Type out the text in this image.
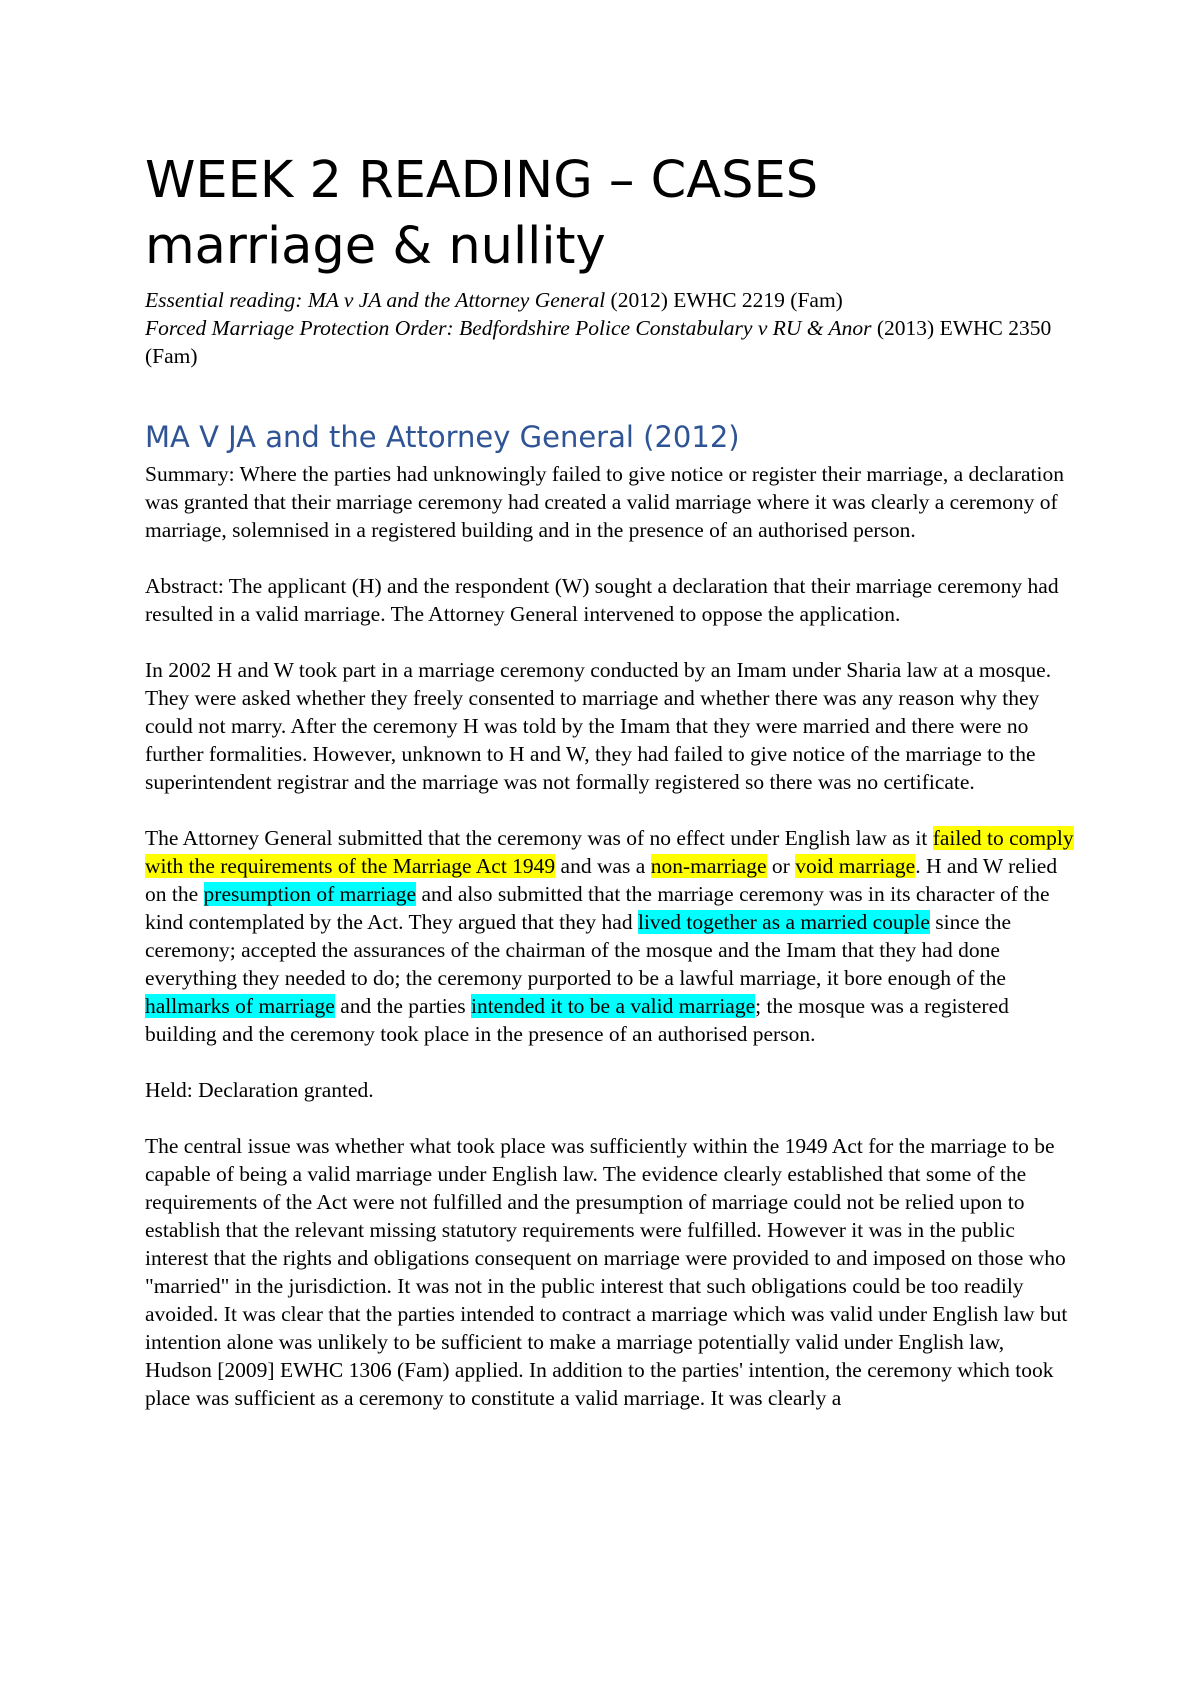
WEEK 2 READING – CASES
marriage & nullity

Essential reading: MA v JA and the Attorney General (2012) EWHC 2219 (Fam)

Forced Marriage Protection Order: Bedfordshire Police Constabulary v RU & Anor (2013) EWHC 2350 (Fam)

MA V JA and the Attorney General (2012)

Summary: Where the parties had unknowingly failed to give notice or register their marriage, a declaration was granted that their marriage ceremony had created a valid marriage where it was clearly a ceremony of marriage, solemnised in a registered building and in the presence of an authorised person.

Abstract: The applicant (H) and the respondent (W) sought a declaration that their marriage ceremony had resulted in a valid marriage. The Attorney General intervened to oppose the application.

In 2002 H and W took part in a marriage ceremony conducted by an Imam under Sharia law at a mosque. They were asked whether they freely consented to marriage and whether there was any reason why they could not marry. After the ceremony H was told by the Imam that they were married and there were no further formalities. However, unknown to H and W, they had failed to give notice of the marriage to the superintendent registrar and the marriage was not formally registered so there was no certificate.

The Attorney General submitted that the ceremony was of no effect under English law as it failed to comply with the requirements of the Marriage Act 1949 and was a non-marriage or void marriage. H and W relied on the presumption of marriage and also submitted that the marriage ceremony was in its character of the kind contemplated by the Act. They argued that they had lived together as a married couple since the ceremony; accepted the assurances of the chairman of the mosque and the Imam that they had done everything they needed to do; the ceremony purported to be a lawful marriage, it bore enough of the hallmarks of marriage and the parties intended it to be a valid marriage; the mosque was a registered building and the ceremony took place in the presence of an authorised person.

Held: Declaration granted.

The central issue was whether what took place was sufficiently within the 1949 Act for the marriage to be capable of being a valid marriage under English law. The evidence clearly established that some of the requirements of the Act were not fulfilled and the presumption of marriage could not be relied upon to establish that the relevant missing statutory requirements were fulfilled. However it was in the public interest that the rights and obligations consequent on marriage were provided to and imposed on those who "married" in the jurisdiction. It was not in the public interest that such obligations could be too readily avoided. It was clear that the parties intended to contract a marriage which was valid under English law but intention alone was unlikely to be sufficient to make a marriage potentially valid under English law, Hudson [2009] EWHC 1306 (Fam) applied. In addition to the parties' intention, the ceremony which took place was sufficient as a ceremony to constitute a valid marriage. It was clearly a
